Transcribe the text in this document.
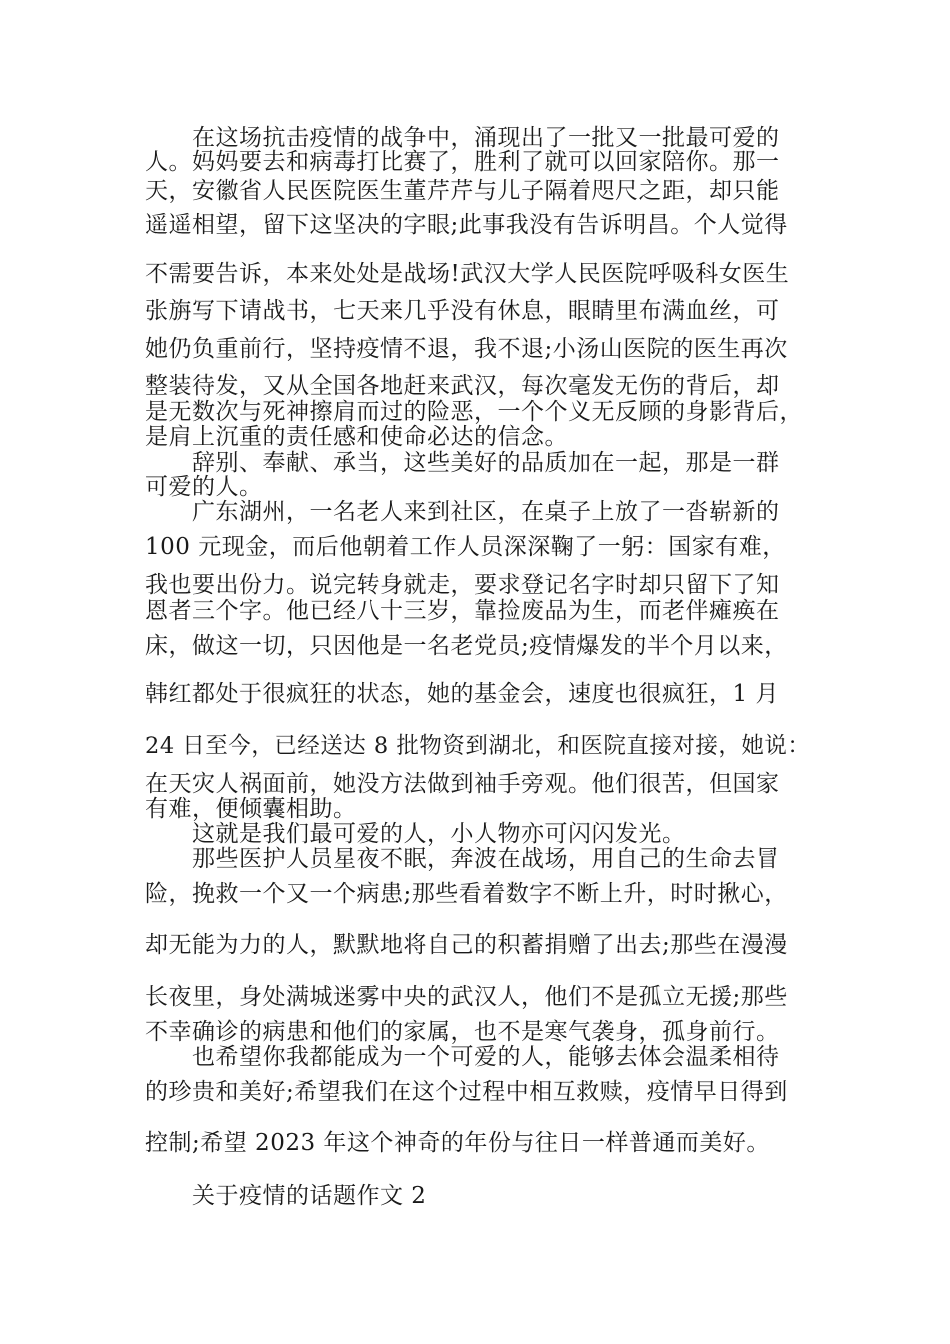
在这场抗击疫情的战争中，涌现出了一批又一批最可爱的
人。妈妈要去和病毒打比赛了，胜利了就可以回家陪你。那一
天，安徽省人民医院医生董芹芹与儿子隔着咫尺之距，却只能
遥遥相望，留下这坚决的字眼;此事我没有告诉明昌。个人觉得
不需要告诉，本来处处是战场!武汉大学人民医院呼吸科女医生
张旃写下请战书，七天来几乎没有休息，眼睛里布满血丝，可
她仍负重前行，坚持疫情不退，我不退;小汤山医院的医生再次
整装待发，又从全国各地赶来武汉，每次毫发无伤的背后，却
是无数次与死神擦肩而过的险恶，一个个义无反顾的身影背后，
是肩上沉重的责任感和使命必达的信念。
辞别、奉献、承当，这些美好的品质加在一起，那是一群
可爱的人。
广东湖州，一名老人来到社区，在桌子上放了一沓崭新的
100 元现金，而后他朝着工作人员深深鞠了一躬：国家有难，
我也要出份力。说完转身就走，要求登记名字时却只留下了知
恩者三个字。他已经八十三岁，靠捡废品为生，而老伴瘫痪在
床，做这一切，只因他是一名老党员;疫情爆发的半个月以来，
韩红都处于很疯狂的状态，她的基金会，速度也很疯狂，1 月
24 日至今，已经送达 8 批物资到湖北，和医院直接对接，她说：
在天灾人祸面前，她没方法做到袖手旁观。他们很苦，但国家
有难，便倾囊相助。
这就是我们最可爱的人，小人物亦可闪闪发光。
那些医护人员星夜不眠，奔波在战场，用自己的生命去冒
险，挽救一个又一个病患;那些看着数字不断上升，时时揪心，
却无能为力的人，默默地将自己的积蓄捐赠了出去;那些在漫漫
长夜里，身处满城迷雾中央的武汉人，他们不是孤立无援;那些
不幸确诊的病患和他们的家属，也不是寒气袭身，孤身前行。
也希望你我都能成为一个可爱的人，能够去体会温柔相待
的珍贵和美好;希望我们在这个过程中相互救赎，疫情早日得到
控制;希望 2023 年这个神奇的年份与往日一样普通而美好。
关于疫情的话题作文 2
